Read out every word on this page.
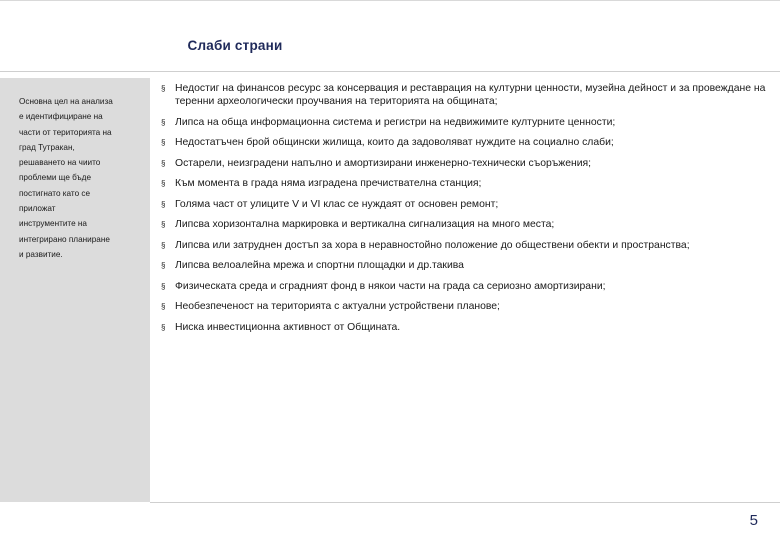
Слаби страни
Основна цел на анализа
е идентифициране на
части от територията на
град Тутракан,
решаването на чиито
проблеми ще бъде
постигнато като се
приложат
инструментите на
интегрирано планиране
и развитие.
§ Недостиг на финансов ресурс за консервация и реставрация на културни ценности, музейна дейност и за провеждане на теренни археологически проучвания на територията на общината;
§ Липса на обща информационна система и регистри на недвижимите културните ценности;
§ Недостатъчен брой общински жилища, които да задоволяват нуждите на социално слаби;
§ Остарели, неизградени напълно и амортизирани инженерно-технически съоръжения;
§ Към момента в града няма изградена пречиствателна станция;
§ Голяма част от улиците V и VI клас се нуждаят от основен ремонт;
§ Липсва хоризонтална маркировка и вертикална сигнализация на много места;
§ Липсва или затруднен достъп за хора в неравностойно положение до обществени обекти и пространства;
§ Липсва велоалейна мрежа и спортни площадки и др.такива
§ Физическата среда и сградният фонд в някои части на града са сериозно амортизирани;
§ Необезпеченост на територията с актуални устройствени планове;
§ Ниска инвестиционна активност от Общината.
5
